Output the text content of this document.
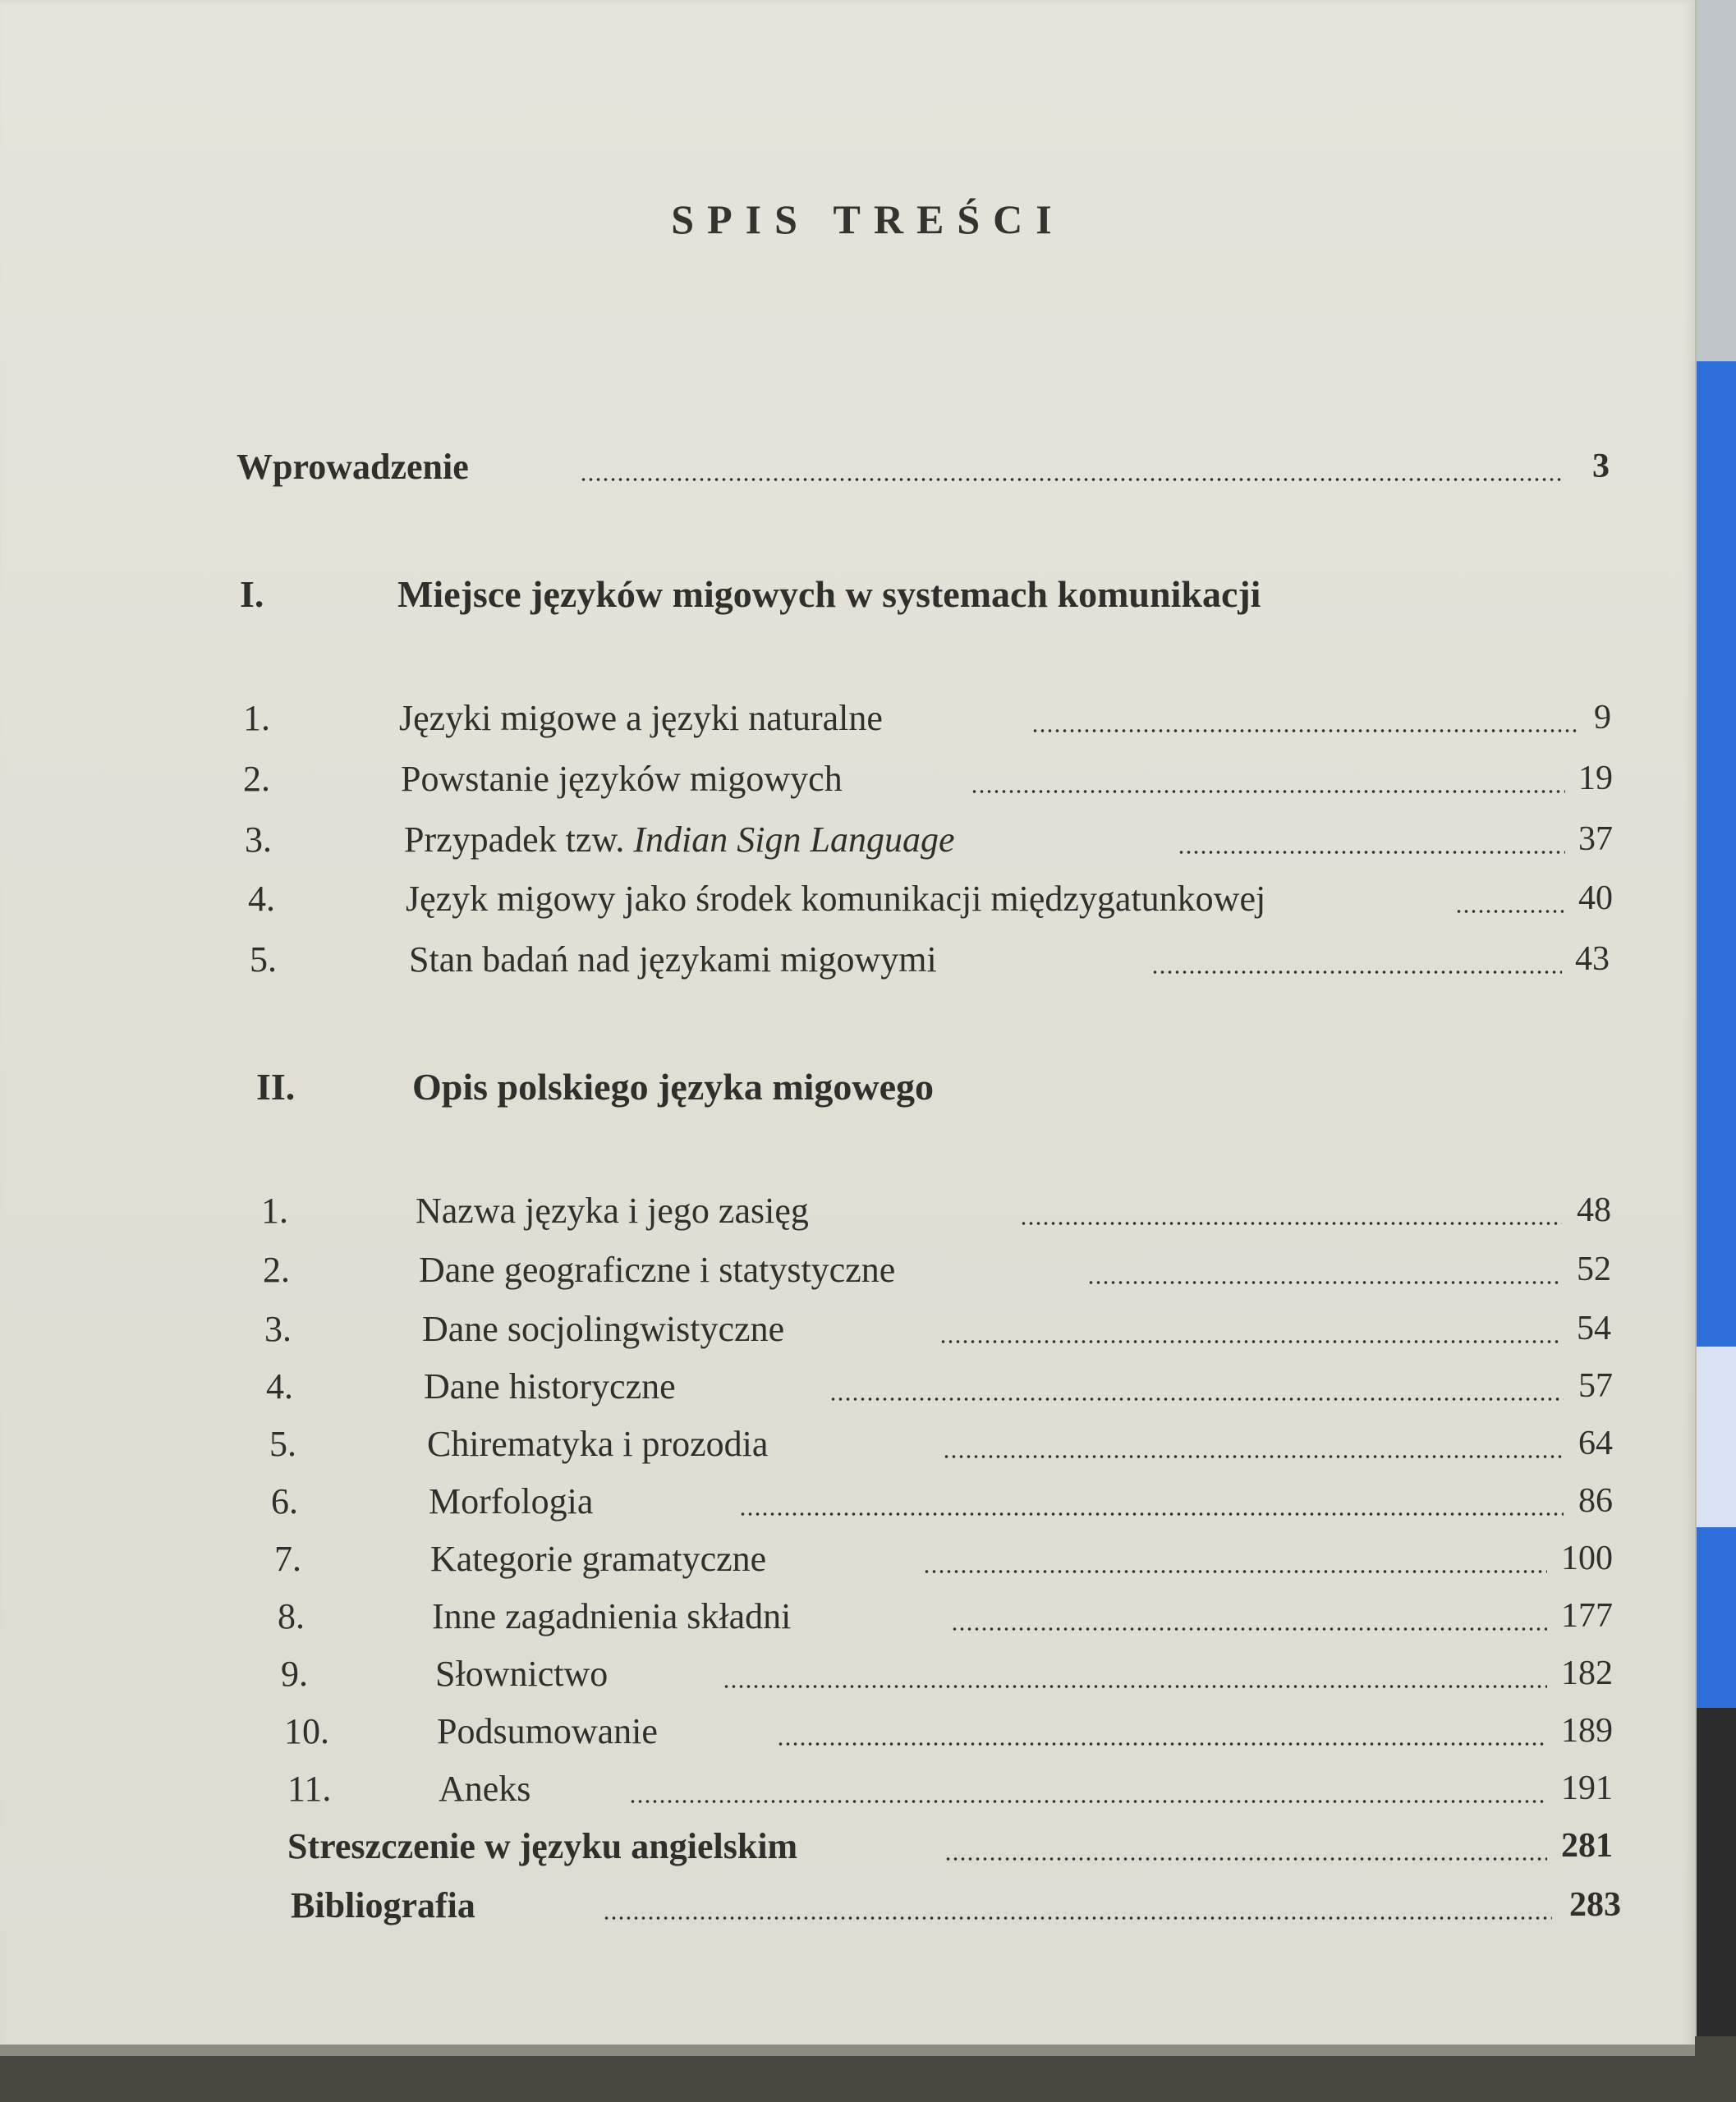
SPIS TREŚCI
Wprowadzenie	3
I.	Miejsce języków migowych w systemach komunikacji
1.	Języki migowe a języki naturalne	9
2.	Powstanie języków migowych	19
3.	Przypadek tzw. Indian Sign Language	37
4.	Język migowy jako środek komunikacji międzygatunkowej	40
5.	Stan badań nad językami migowymi	43
II.	Opis polskiego języka migowego
1.	Nazwa języka i jego zasięg	48
2.	Dane geograficzne i statystyczne	52
3.	Dane socjolingwistyczne	54
4.	Dane historyczne	57
5.	Chirematyka i prozodia	64
6.	Morfologia	86
7.	Kategorie gramatyczne	100
8.	Inne zagadnienia składni	177
9.	Słownictwo	182
10.	Podsumowanie	189
11.	Aneks	191
Streszczenie w języku angielskim	281
Bibliografia	283
